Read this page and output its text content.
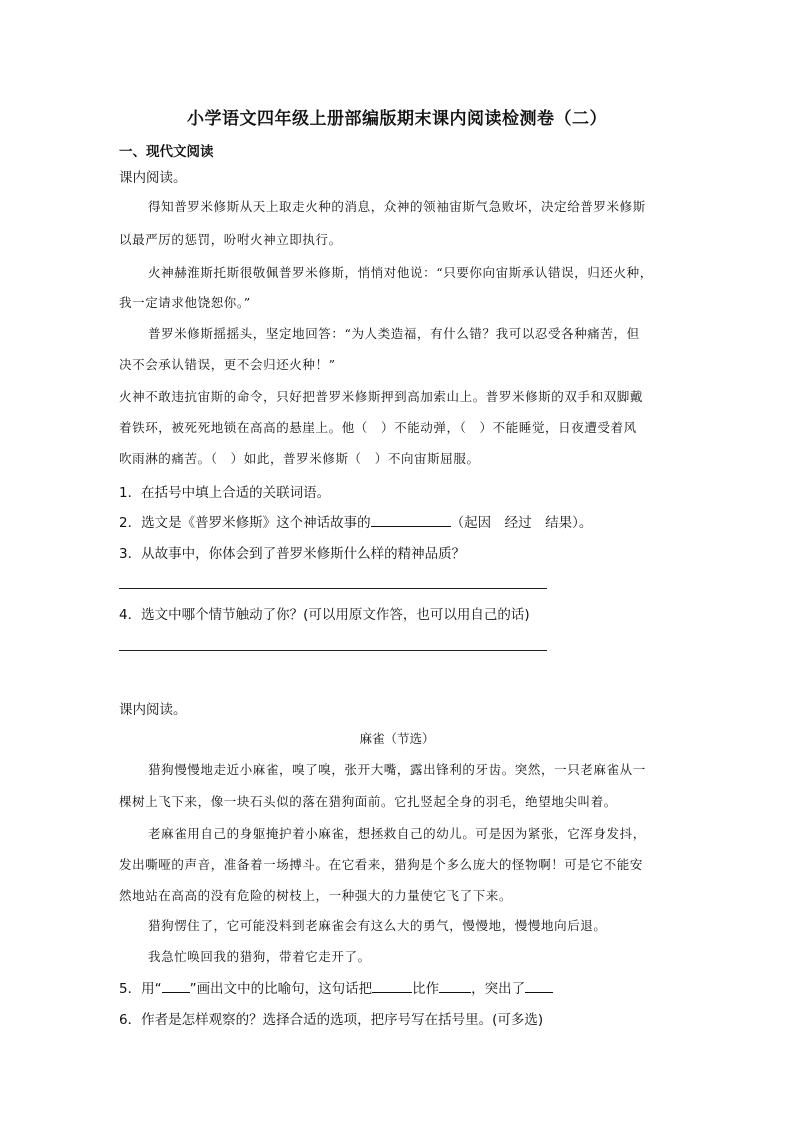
小学语文四年级上册部编版期末课内阅读检测卷（二）
一、现代文阅读
课内阅读。
得知普罗米修斯从天上取走火种的消息，众神的领袖宙斯气急败坏，决定给普罗米修斯
以最严厉的惩罚，吩咐火神立即执行。
火神赫淮斯托斯很敬佩普罗米修斯，悄悄对他说：“只要你向宙斯承认错误，归还火种，
我一定请求他饶恕你。”
普罗米修斯摇摇头，坚定地回答：“为人类造福，有什么错？我可以忍受各种痛苦，但
决不会承认错误，更不会归还火种！”
火神不敢违抗宙斯的命令，只好把普罗米修斯押到高加索山上。普罗米修斯的双手和双脚戴
着铁环，被死死地锁在高高的悬崖上。他（　）不能动弹，（　）不能睡觉，日夜遭受着风
吹雨淋的痛苦。（　）如此，普罗米修斯（　）不向宙斯屈服。
1．在括号中填上合适的关联词语。
2．选文是《普罗米修斯》这个神话故事的	（起因　经过　结果）。
3．从故事中，你体会到了普罗米修斯什么样的精神品质？
4．选文中哪个情节触动了你？(可以用原文作答，也可以用自己的话)
课内阅读。
麻雀（节选）
猎狗慢慢地走近小麻雀，嗅了嗅，张开大嘴，露出锋利的牙齿。突然，一只老麻雀从一
棵树上飞下来，像一块石头似的落在猎狗面前。它扎竖起全身的羽毛，绝望地尖叫着。
老麻雀用自己的身躯掩护着小麻雀，想拯救自己的幼儿。可是因为紧张，它浑身发抖，
发出嘶哑的声音，准备着一场搏斗。在它看来，猎狗是个多么庞大的怪物啊！可是它不能安
然地站在高高的没有危险的树枝上，一种强大的力量使它飞了下来。
猎狗愣住了，它可能没料到老麻雀会有这么大的勇气，慢慢地，慢慢地向后退。
我急忙唤回我的猎狗，带着它走开了。
5．用“ ”画出文中的比喻句，这句话把	比作 ，突出了
6．作者是怎样观察的？选择合适的选项，把序号写在括号里。(可多选)
